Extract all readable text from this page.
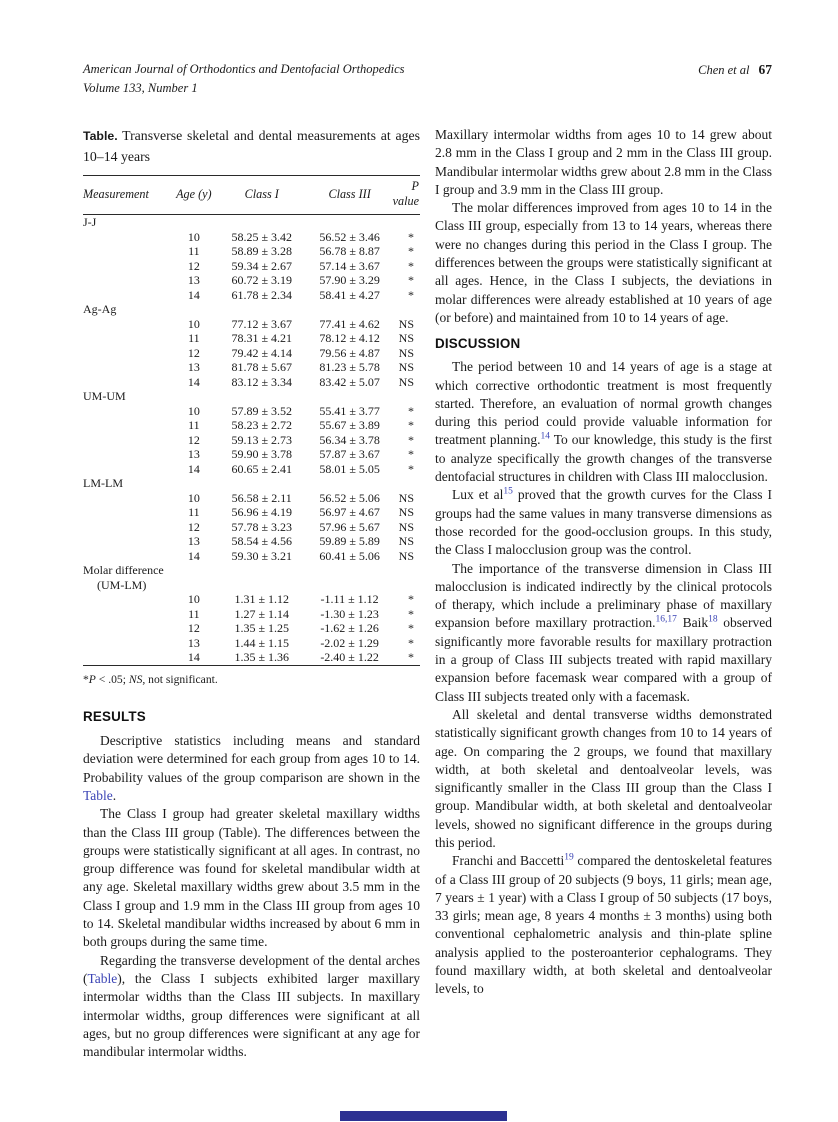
American Journal of Orthodontics and Dentofacial Orthopedics
Volume 133, Number 1
Chen et al 67

Table. Transverse skeletal and dental measurements at ages 10–14 years

Measurement	Age (y)	Class I	Class III	P value
J-J				
	10	58.25 ± 3.42	56.52 ± 3.46	*
	11	58.89 ± 3.28	56.78 ± 8.87	*
	12	59.34 ± 2.67	57.14 ± 3.67	*
	13	60.72 ± 3.19	57.90 ± 3.29	*
	14	61.78 ± 2.34	58.41 ± 4.27	*
Ag-Ag				
	10	77.12 ± 3.67	77.41 ± 4.62	NS
	11	78.31 ± 4.21	78.12 ± 4.12	NS
	12	79.42 ± 4.14	79.56 ± 4.87	NS
	13	81.78 ± 5.67	81.23 ± 5.78	NS
	14	83.12 ± 3.34	83.42 ± 5.07	NS
UM-UM				
	10	57.89 ± 3.52	55.41 ± 3.77	*
	11	58.23 ± 2.72	55.67 ± 3.89	*
	12	59.13 ± 2.73	56.34 ± 3.78	*
	13	59.90 ± 3.78	57.87 ± 3.67	*
	14	60.65 ± 2.41	58.01 ± 5.05	*
LM-LM				
	10	56.58 ± 2.11	56.52 ± 5.06	NS
	11	56.96 ± 4.19	56.97 ± 4.67	NS
	12	57.78 ± 3.23	57.96 ± 5.67	NS
	13	58.54 ± 4.56	59.89 ± 5.89	NS
	14	59.30 ± 3.21	60.41 ± 5.06	NS
Molar difference
(UM-LM)				

	10	1.31 ± 1.12	-1.11 ± 1.12	*
	11	1.27 ± 1.14	-1.30 ± 1.23	*
	12	1.35 ± 1.25	-1.62 ± 1.26	*
	13	1.44 ± 1.15	-2.02 ± 1.29	*
	14	1.35 ± 1.36	-2.40 ± 1.22	*

*P < .05; NS, not significant.

RESULTS

Descriptive statistics including means and standard deviation were determined for each group from ages 10 to 14. Probability values of the group comparison are shown in the Table.

The Class I group had greater skeletal maxillary widths than the Class III group (Table). The differences between the groups were statistically significant at all ages. In contrast, no group difference was found for skeletal mandibular width at any age. Skeletal maxillary widths grew about 3.5 mm in the Class I group and 1.9 mm in the Class III group from ages 10 to 14. Skeletal mandibular widths increased by about 6 mm in both groups during the same time.

Regarding the transverse development of the dental arches (Table), the Class I subjects exhibited larger maxillary intermolar widths than the Class III subjects. In maxillary intermolar widths, group differences were significant at all ages, but no group differences were significant at any age for mandibular intermolar widths.

Maxillary intermolar widths from ages 10 to 14 grew about 2.8 mm in the Class I group and 2 mm in the Class III group. Mandibular intermolar widths grew about 2.8 mm in the Class I group and 3.9 mm in the Class III group.

The molar differences improved from ages 10 to 14 in the Class III group, especially from 13 to 14 years, whereas there were no changes during this period in the Class I group. The differences between the groups were statistically significant at all ages. Hence, in the Class I subjects, the deviations in molar differences were already established at 10 years of age (or before) and maintained from 10 to 14 years of age.

DISCUSSION

The period between 10 and 14 years of age is a stage at which corrective orthodontic treatment is most frequently started. Therefore, an evaluation of normal growth changes during this period could provide valuable information for treatment planning.$^{14}$ To our knowledge, this study is the first to analyze specifically the growth changes of the transverse dentofacial structures in children with Class III malocclusion.

Lux et $al^{15}$ proved that the growth curves for the Class I groups had the same values in many transverse dimensions as those recorded for the good-occlusion groups. In this study, the Class I malocclusion group was the control.

The importance of the transverse dimension in Class III malocclusion is indicated indirectly by the clinical protocols of therapy, which include a preliminary phase of maxillary expansion before maxillary protraction.$^{16,17}$ Baik$^{18}$ observed significantly more favorable results for maxillary protraction in a group of Class III subjects treated with rapid maxillary expansion before facemask wear compared with a group of Class III subjects treated only with a facemask.

All skeletal and dental transverse widths demonstrated statistically significant growth changes from 10 to 14 years of age. On comparing the 2 groups, we found that maxillary width, at both skeletal and dentoalveolar levels, was significantly smaller in the Class III group than the Class I group. Mandibular width, at both skeletal and dentoalveolar levels, showed no significant difference in the groups during this period.

Franchi and Baccetti$^{19}$ compared the dentoskeletal features of a Class III group of 20 subjects (9 boys, 11 girls; mean age, 7 years ± 1 year) with a Class I group of 50 subjects (17 boys, 33 girls; mean age, 8 years 4 months ± 3 months) using both conventional cephalometric analysis and thin-plate spline analysis applied to the posteroanterior cephalograms. They found maxillary width, at both skeletal and dentoalveolar levels, to
